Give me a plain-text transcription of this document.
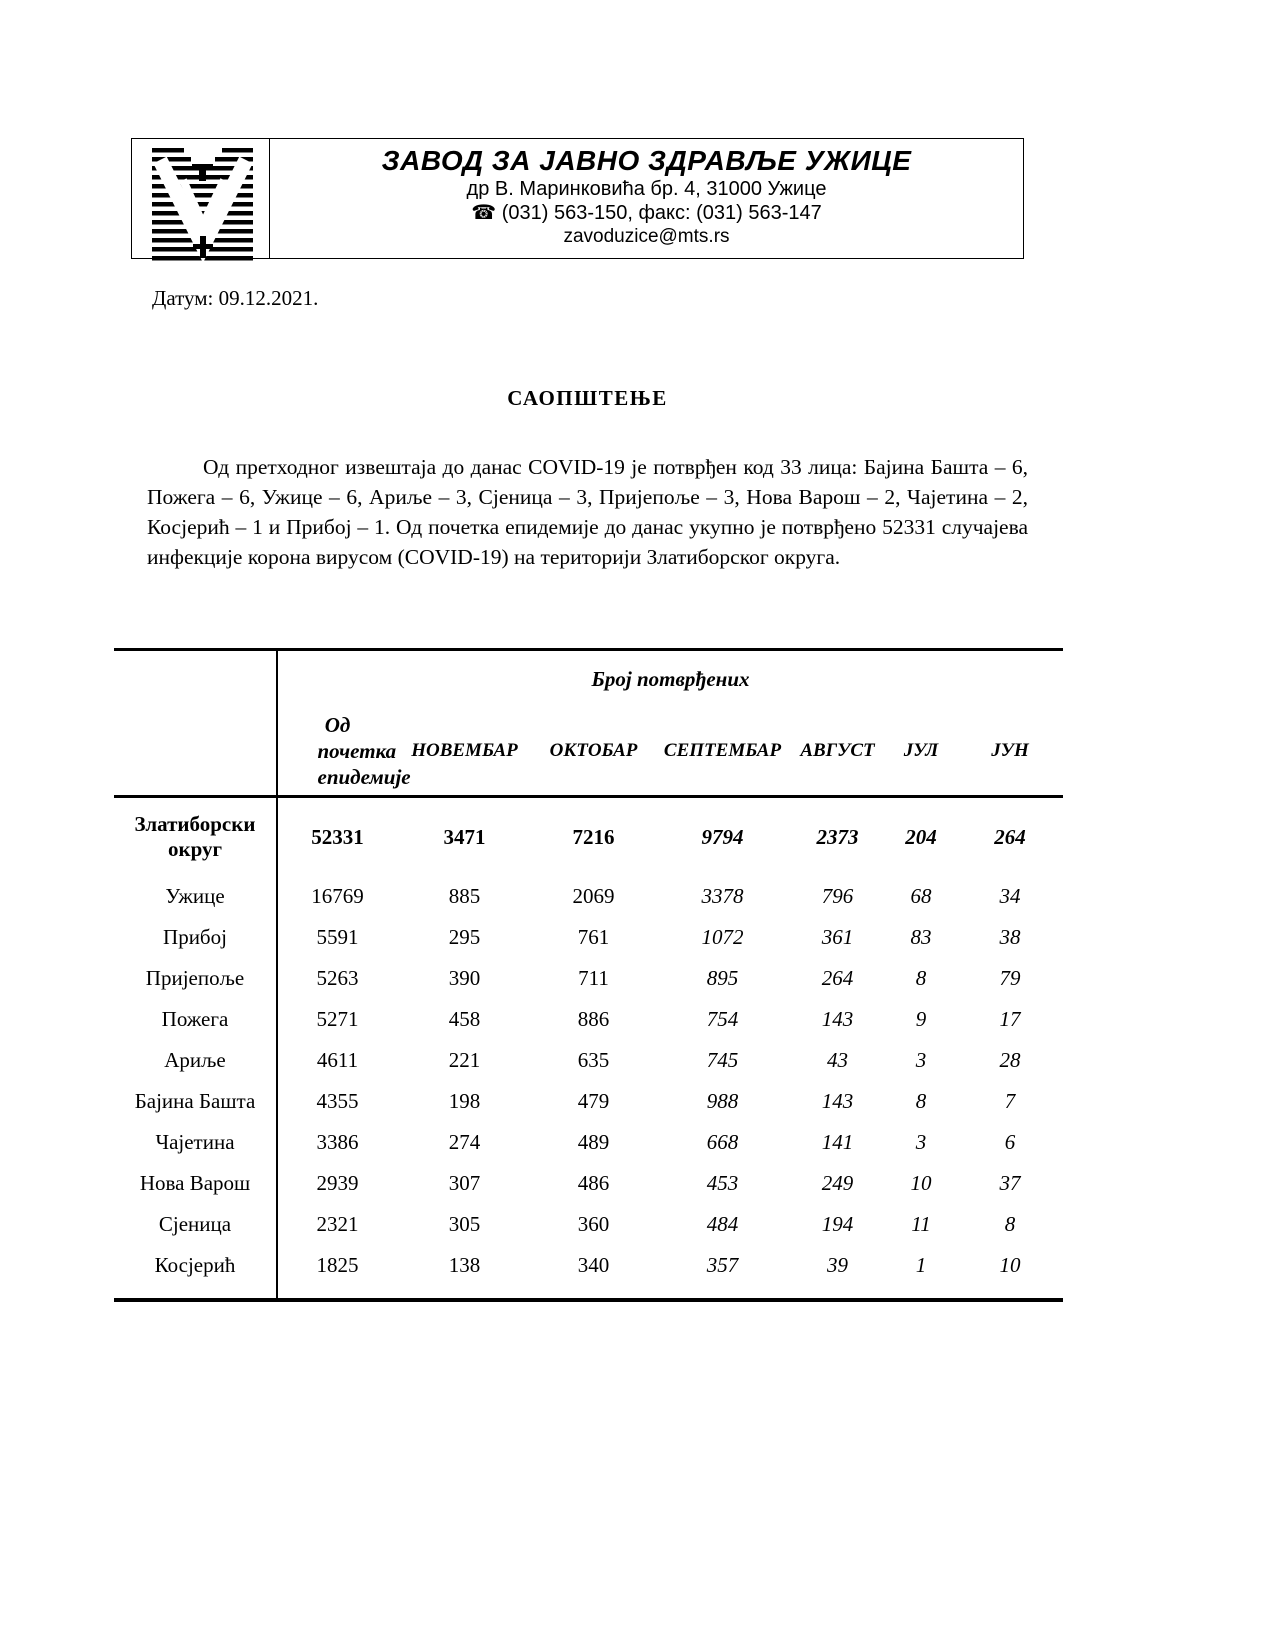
ЗАВОД ЗА ЈАВНО ЗДРАВЉЕ УЖИЦЕ
др В. Маринковића бр. 4, 31000 Ужице
☎ (031) 563-150, факс: (031) 563-147
zavoduzice@mts.rs
Датум: 09.12.2021.
САОПШТЕЊЕ
Од претходног извештаја до данас COVID-19 је потврђен код 33 лица: Бајина Башта – 6, Пожега – 6, Ужице – 6, Ариље – 3, Сјеница – 3, Пријепоље – 3, Нова Варош – 2, Чајетина – 2, Косјерић – 1 и Прибој – 1. Од почетка епидемије до данас укупно је потврђено 52331 случајева инфекције корона вирусом (COVID-19) на територији Златиборског округа.
	Број потврђених						

	Од почетка епидемије	НОВЕМБАР	ОКТОБАР	СЕПТЕМБАР	АВГУСТ	ЈУЛ	ЈУН
Златиборски округ	52331	3471	7216	9794	2373	204	264
Ужице	16769	885	2069	3378	796	68	34
Прибој	5591	295	761	1072	361	83	38
Пријепоље	5263	390	711	895	264	8	79
Пожега	5271	458	886	754	143	9	17
Ариље	4611	221	635	745	43	3	28
Бајина Башта	4355	198	479	988	143	8	7
Чајетина	3386	274	489	668	141	3	6
Нова Варош	2939	307	486	453	249	10	37
Сјеница	2321	305	360	484	194	11	8
Косјерић	1825	138	340	357	39	1	10
